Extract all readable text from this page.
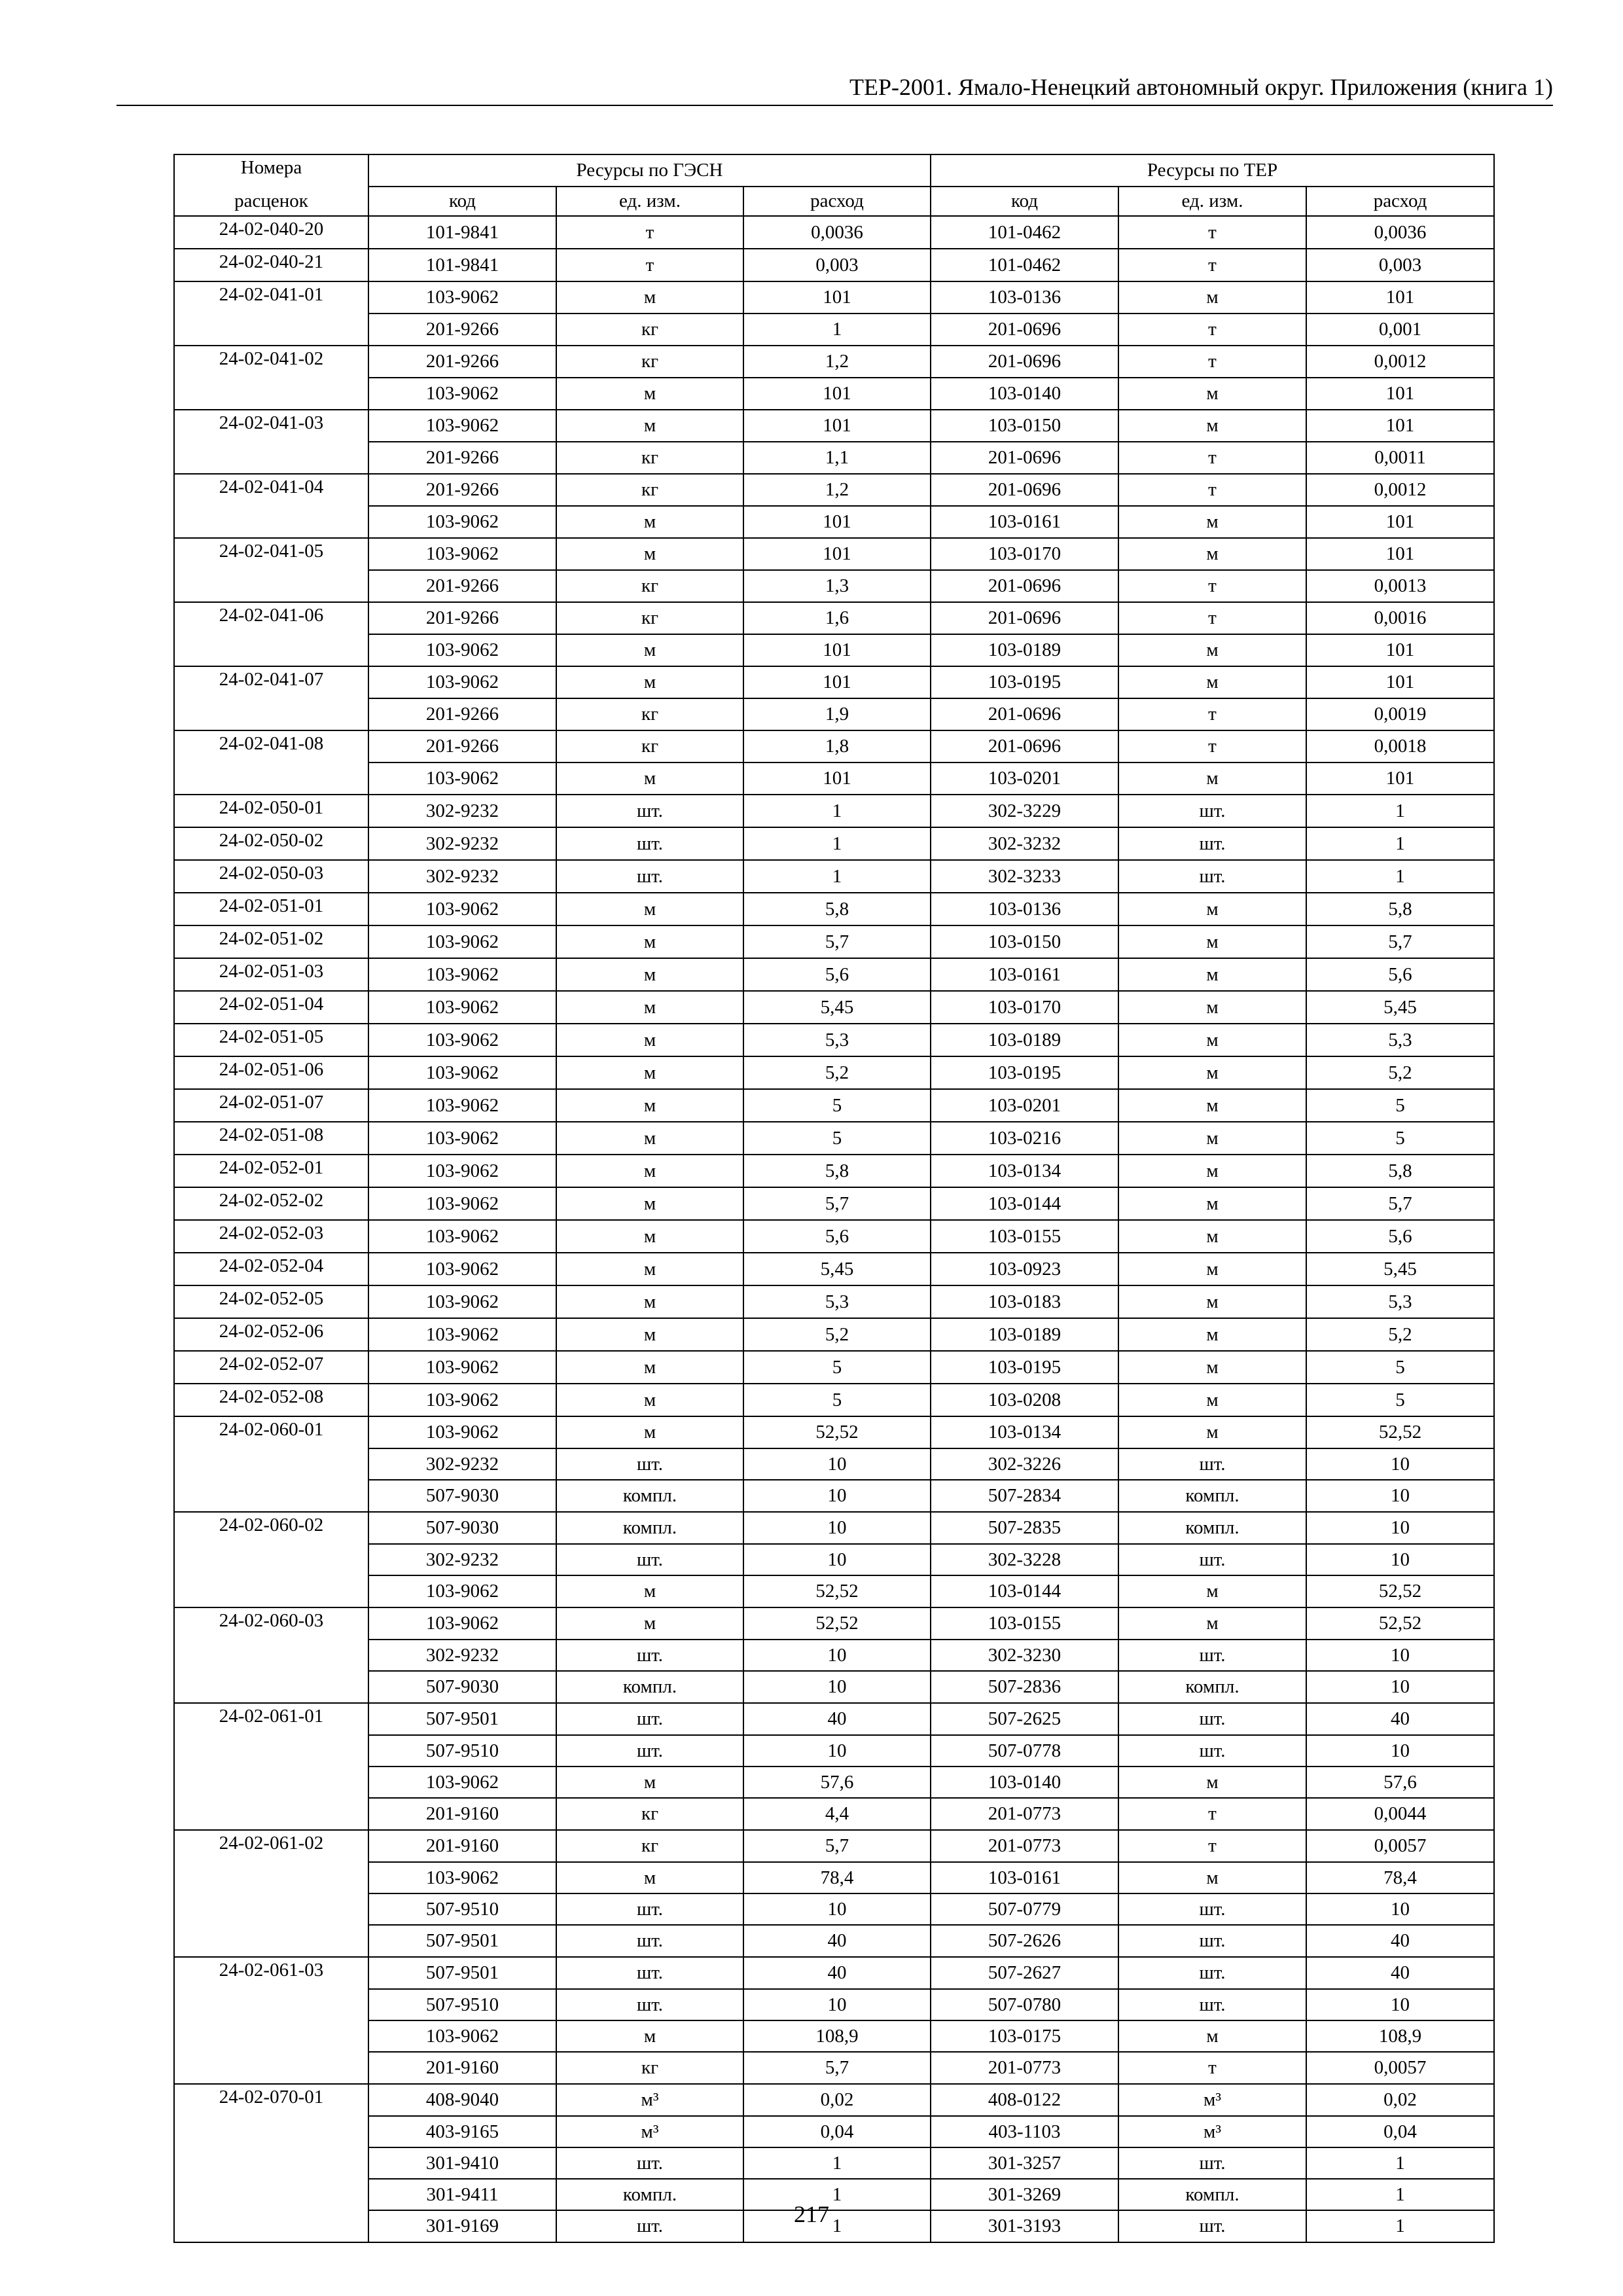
ТЕР-2001. Ямало-Ненецкий автономный округ. Приложения (книга 1)
Номера	Ресурсы по ГЭСН			Ресурсы по ТЕР		
расценок	код	ед. изм.	расход	код	ед. изм.	расход
24-02-040-20	101-9841	т	0,0036	101-0462	т	0,0036
24-02-040-21	101-9841	т	0,003	101-0462	т	0,003
24-02-041-01	103-9062	м	101	103-0136	м	101
	201-9266	кг	1	201-0696	т	0,001
24-02-041-02	201-9266	кг	1,2	201-0696	т	0,0012
	103-9062	м	101	103-0140	м	101
24-02-041-03	103-9062	м	101	103-0150	м	101
	201-9266	кг	1,1	201-0696	т	0,0011
24-02-041-04	201-9266	кг	1,2	201-0696	т	0,0012
	103-9062	м	101	103-0161	м	101
24-02-041-05	103-9062	м	101	103-0170	м	101
	201-9266	кг	1,3	201-0696	т	0,0013
24-02-041-06	201-9266	кг	1,6	201-0696	т	0,0016
	103-9062	м	101	103-0189	м	101
24-02-041-07	103-9062	м	101	103-0195	м	101
	201-9266	кг	1,9	201-0696	т	0,0019
24-02-041-08	201-9266	кг	1,8	201-0696	т	0,0018
	103-9062	м	101	103-0201	м	101
24-02-050-01	302-9232	шт.	1	302-3229	шт.	1
24-02-050-02	302-9232	шт.	1	302-3232	шт.	1
24-02-050-03	302-9232	шт.	1	302-3233	шт.	1
24-02-051-01	103-9062	м	5,8	103-0136	м	5,8
24-02-051-02	103-9062	м	5,7	103-0150	м	5,7
24-02-051-03	103-9062	м	5,6	103-0161	м	5,6
24-02-051-04	103-9062	м	5,45	103-0170	м	5,45
24-02-051-05	103-9062	м	5,3	103-0189	м	5,3
24-02-051-06	103-9062	м	5,2	103-0195	м	5,2
24-02-051-07	103-9062	м	5	103-0201	м	5
24-02-051-08	103-9062	м	5	103-0216	м	5
24-02-052-01	103-9062	м	5,8	103-0134	м	5,8
24-02-052-02	103-9062	м	5,7	103-0144	м	5,7
24-02-052-03	103-9062	м	5,6	103-0155	м	5,6
24-02-052-04	103-9062	м	5,45	103-0923	м	5,45
24-02-052-05	103-9062	м	5,3	103-0183	м	5,3
24-02-052-06	103-9062	м	5,2	103-0189	м	5,2
24-02-052-07	103-9062	м	5	103-0195	м	5
24-02-052-08	103-9062	м	5	103-0208	м	5
24-02-060-01	103-9062	м	52,52	103-0134	м	52,52
	302-9232	шт.	10	302-3226	шт.	10
	507-9030	компл.	10	507-2834	компл.	10
24-02-060-02	507-9030	компл.	10	507-2835	компл.	10
	302-9232	шт.	10	302-3228	шт.	10
	103-9062	м	52,52	103-0144	м	52,52
24-02-060-03	103-9062	м	52,52	103-0155	м	52,52
	302-9232	шт.	10	302-3230	шт.	10
	507-9030	компл.	10	507-2836	компл.	10
24-02-061-01	507-9501	шт.	40	507-2625	шт.	40
	507-9510	шт.	10	507-0778	шт.	10
	103-9062	м	57,6	103-0140	м	57,6
	201-9160	кг	4,4	201-0773	т	0,0044
24-02-061-02	201-9160	кг	5,7	201-0773	т	0,0057
	103-9062	м	78,4	103-0161	м	78,4
	507-9510	шт.	10	507-0779	шт.	10
	507-9501	шт.	40	507-2626	шт.	40
24-02-061-03	507-9501	шт.	40	507-2627	шт.	40
	507-9510	шт.	10	507-0780	шт.	10
	103-9062	м	108,9	103-0175	м	108,9
	201-9160	кг	5,7	201-0773	т	0,0057
24-02-070-01	408-9040	м³	0,02	408-0122	м³	0,02
	403-9165	м³	0,04	403-1103	м³	0,04
	301-9410	шт.	1	301-3257	шт.	1
	301-9411	компл.	1	301-3269	компл.	1
	301-9169	шт.	1	301-3193	шт.	1
217
